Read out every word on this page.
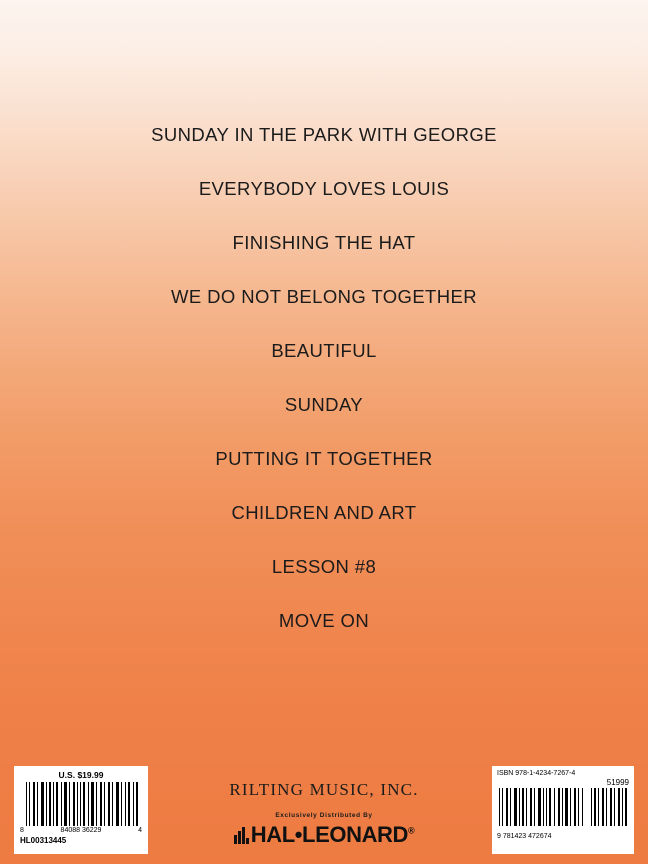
SUNDAY IN THE PARK WITH GEORGE
EVERYBODY LOVES LOUIS
FINISHING THE HAT
WE DO NOT BELONG TOGETHER
BEAUTIFUL
SUNDAY
PUTTING IT TOGETHER
CHILDREN AND ART
LESSON #8
MOVE ON
RILTING MUSIC, INC.
Exclusively Distributed By
HAL•LEONARD®
U.S. $19.99
8	84088 36229	4
HL00313445
ISBN 978-1-4234-7267-4
51999
9 781423 472674
